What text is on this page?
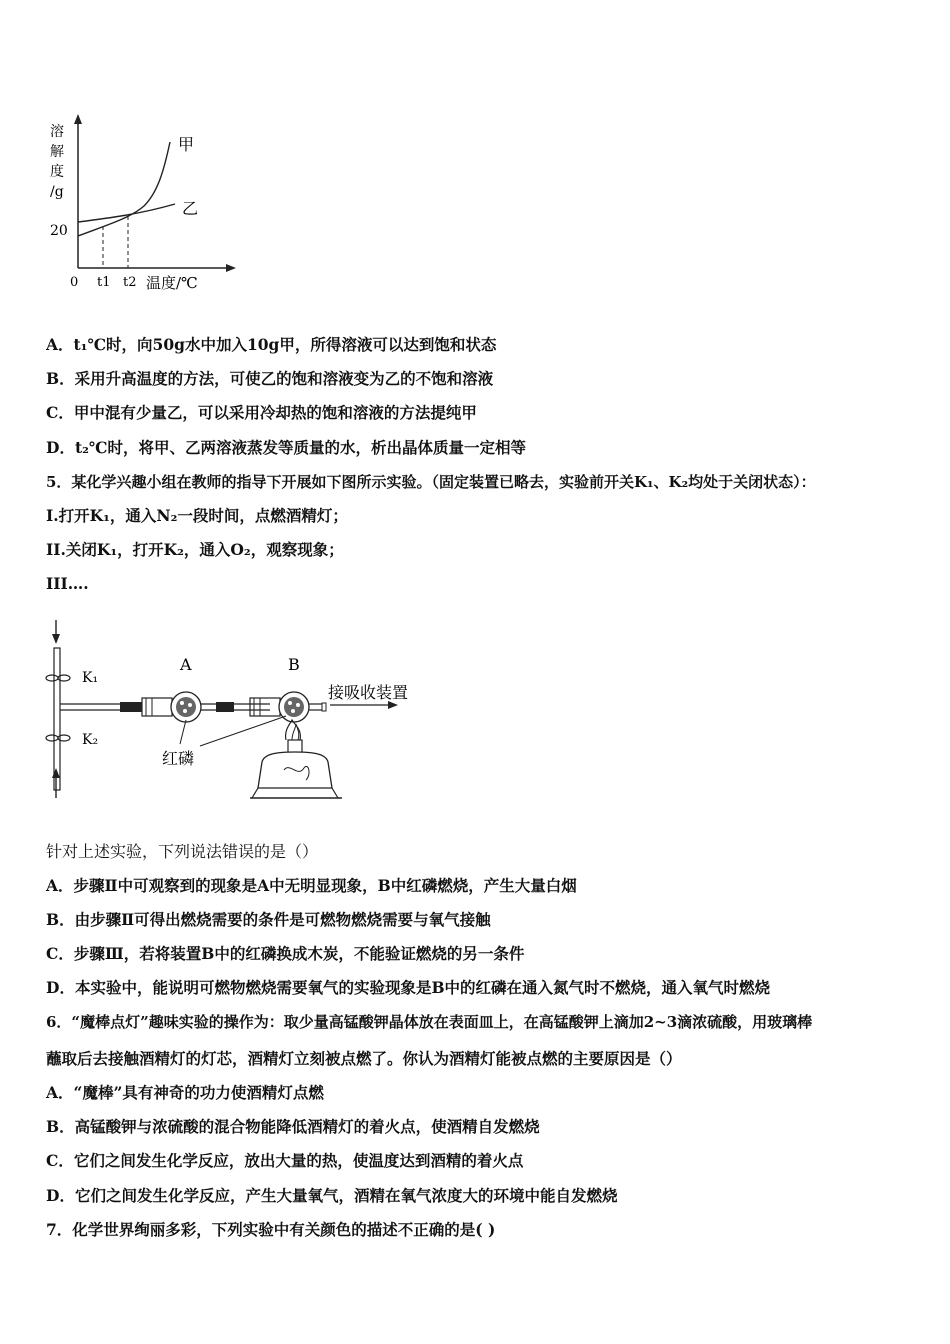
溶
解
度
/g
20
0 t1 t2 温度/℃
甲
乙
A．t₁℃时，向50g水中加入10g甲，所得溶液可以达到饱和状态
B．采用升高温度的方法，可使乙的饱和溶液变为乙的不饱和溶液
C．甲中混有少量乙，可以采用冷却热的饱和溶液的方法提纯甲
D．t₂℃时，将甲、乙两溶液蒸发等质量的水，析出晶体质量一定相等
5．某化学兴趣小组在教师的指导下开展如下图所示实验。（固定装置已略去，实验前开关K₁、K₂均处于关闭状态）：
I.打开K₁，通入N₂一段时间，点燃酒精灯；
II.关闭K₁，打开K₂，通入O₂，观察现象；
III….
K₁
K₂
A	B
接吸收装置
红磷
针对上述实验，下列说法错误的是（）
A．步骤Ⅱ中可观察到的现象是A中无明显现象，B中红磷燃烧，产生大量白烟
B．由步骤Ⅱ可得出燃烧需要的条件是可燃物燃烧需要与氧气接触
C．步骤Ⅲ，若将装置B中的红磷换成木炭，不能验证燃烧的另一条件
D．本实验中，能说明可燃物燃烧需要氧气的实验现象是B中的红磷在通入氮气时不燃烧，通入氧气时燃烧
6．“魔棒点灯”趣味实验的操作为：取少量高锰酸钾晶体放在表面皿上，在高锰酸钾上滴加2~3滴浓硫酸，用玻璃棒
蘸取后去接触酒精灯的灯芯，酒精灯立刻被点燃了。你认为酒精灯能被点燃的主要原因是（）
A．“魔棒”具有神奇的功力使酒精灯点燃
B．高锰酸钾与浓硫酸的混合物能降低酒精灯的着火点，使酒精自发燃烧
C．它们之间发生化学反应，放出大量的热，使温度达到酒精的着火点
D．它们之间发生化学反应，产生大量氧气，酒精在氧气浓度大的环境中能自发燃烧
7．化学世界绚丽多彩，下列实验中有关颜色的描述不正确的是( )
